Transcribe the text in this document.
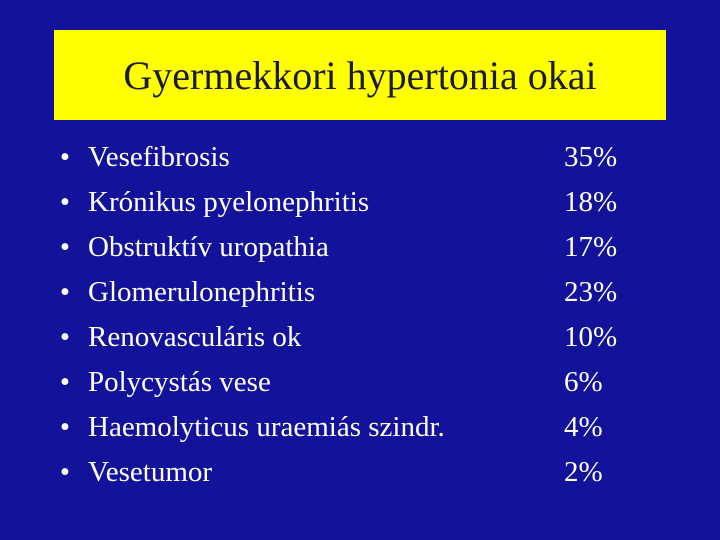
Gyermekkori hypertonia okai
• Vesefibrosis	35%
• Krónikus pyelonephritis	18%
• Obstruktív uropathia	17%
• Glomerulonephritis	23%
• Renovasculáris ok	10%
• Polycystás vese	6%
• Haemolyticus uraemiás szindr.	4%
• Vesetumor	2%
